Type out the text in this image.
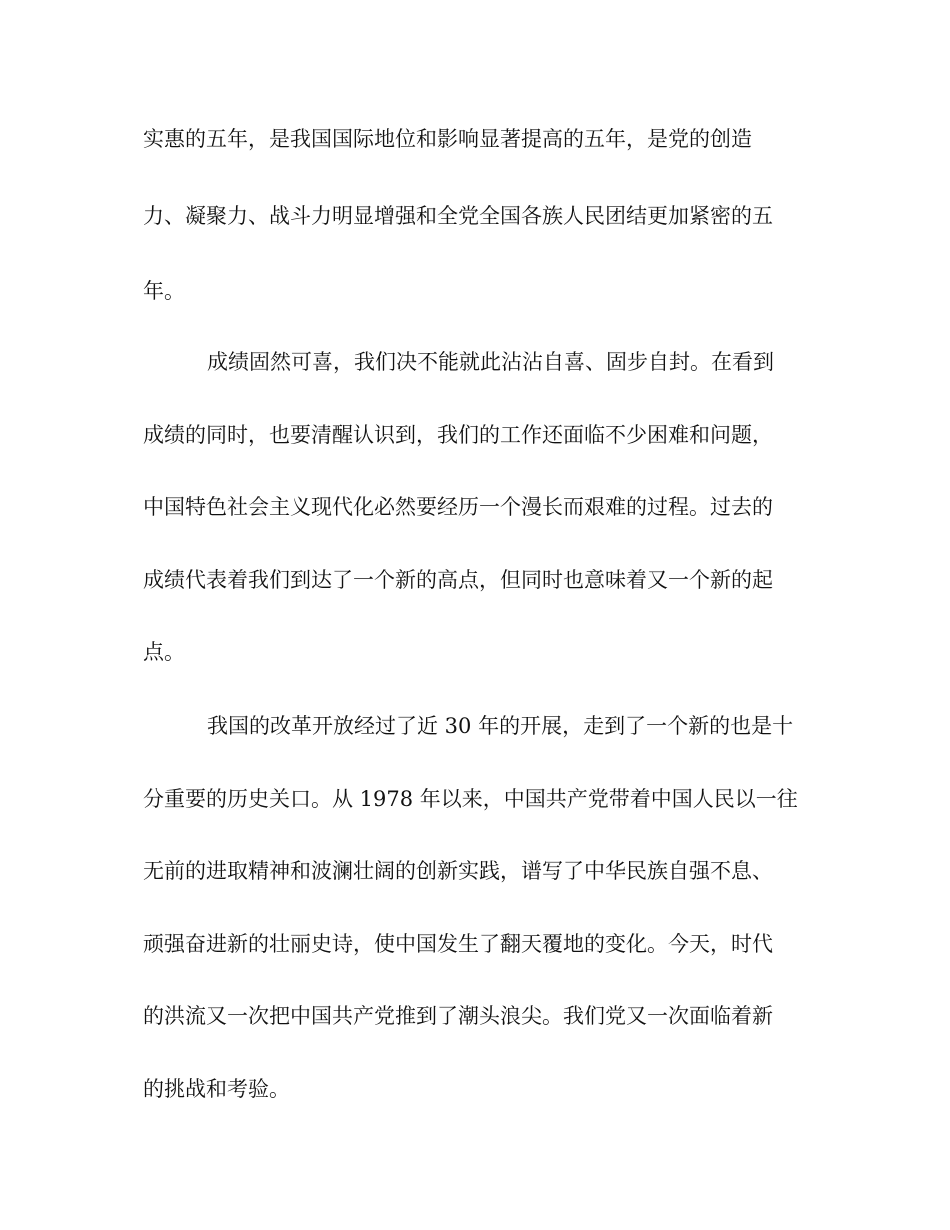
实惠的五年，是我国国际地位和影响显著提高的五年，是党的创造

力、凝聚力、战斗力明显增强和全党全国各族人民团结更加紧密的五

年。

成绩固然可喜，我们决不能就此沾沾自喜、固步自封。在看到

成绩的同时，也要清醒认识到，我们的工作还面临不少困难和问题，

中国特色社会主义现代化必然要经历一个漫长而艰难的过程。过去的

成绩代表着我们到达了一个新的高点，但同时也意味着又一个新的起

点。

我国的改革开放经过了近 30 年的开展，走到了一个新的也是十

分重要的历史关口。从 1978 年以来，中国共产党带着中国人民以一往

无前的进取精神和波澜壮阔的创新实践，谱写了中华民族自强不息、

顽强奋进新的壮丽史诗，使中国发生了翻天覆地的变化。今天，时代

的洪流又一次把中国共产党推到了潮头浪尖。我们党又一次面临着新

的挑战和考验。
